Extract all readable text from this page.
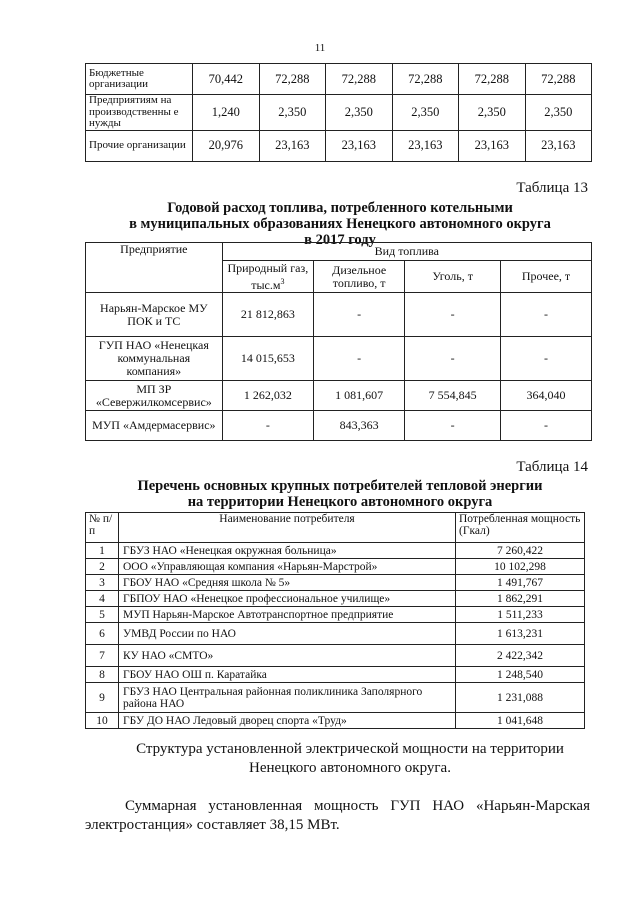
11
Бюджетные организации	70,442	72,288	72,288	72,288	72,288	72,288
Предприятиям на производственны е нужды	1,240	2,350	2,350	2,350	2,350	2,350
Прочие организации	20,976	23,163	23,163	23,163	23,163	23,163
Таблица 13
Годовой расход топлива, потребленного котельными
в муниципальных образованиях Ненецкого автономного округа
в 2017 году
Предприятие	Вид топлива			
	Природный газ, $тыс.м^3$	Дизельное топливо, т	Уголь, т	Прочее, т
Нарьян-Марское МУ ПОК и ТС	21 812,863	-	-	-
ГУП НАО «Ненецкая коммунальная компания»	14 015,653	-	-	-
МП ЗР «Севержилкомсервис»	1 262,032	1 081,607	7 554,845	364,040
МУП «Амдермасервис»	-	843,363	-	-
Таблица 14
Перечень основных крупных потребителей тепловой энергии
на территории Ненецкого автономного округа
№ п/п	Наименование потребителя	Потребленная мощность (Гкал)
1	ГБУЗ НАО «Ненецкая окружная больница»	7 260,422
2	ООО «Управляющая компания «Нарьян-Марстрой»	10 102,298
3	ГБОУ НАО «Средняя школа № 5»	1 491,767
4	ГБПОУ НАО «Ненецкое профессиональное училище»	1 862,291
5	МУП Нарьян-Марское Автотранспортное предприятие	1 511,233
6	УМВД России по НАО	1 613,231
7	КУ НАО «СМТО»	2 422,342
8	ГБОУ НАО ОШ п. Каратайка	1 248,540
9	ГБУЗ НАО Центральная районная поликлиника Заполярного района НАО	1 231,088
10	ГБУ ДО НАО Ледовый дворец спорта «Труд»	1 041,648
Структура установленной электрической мощности на территории
Ненецкого автономного округа.
Суммарная установленная мощность ГУП НАО «Нарьян-Марская электростанция» составляет 38,15 МВт.
